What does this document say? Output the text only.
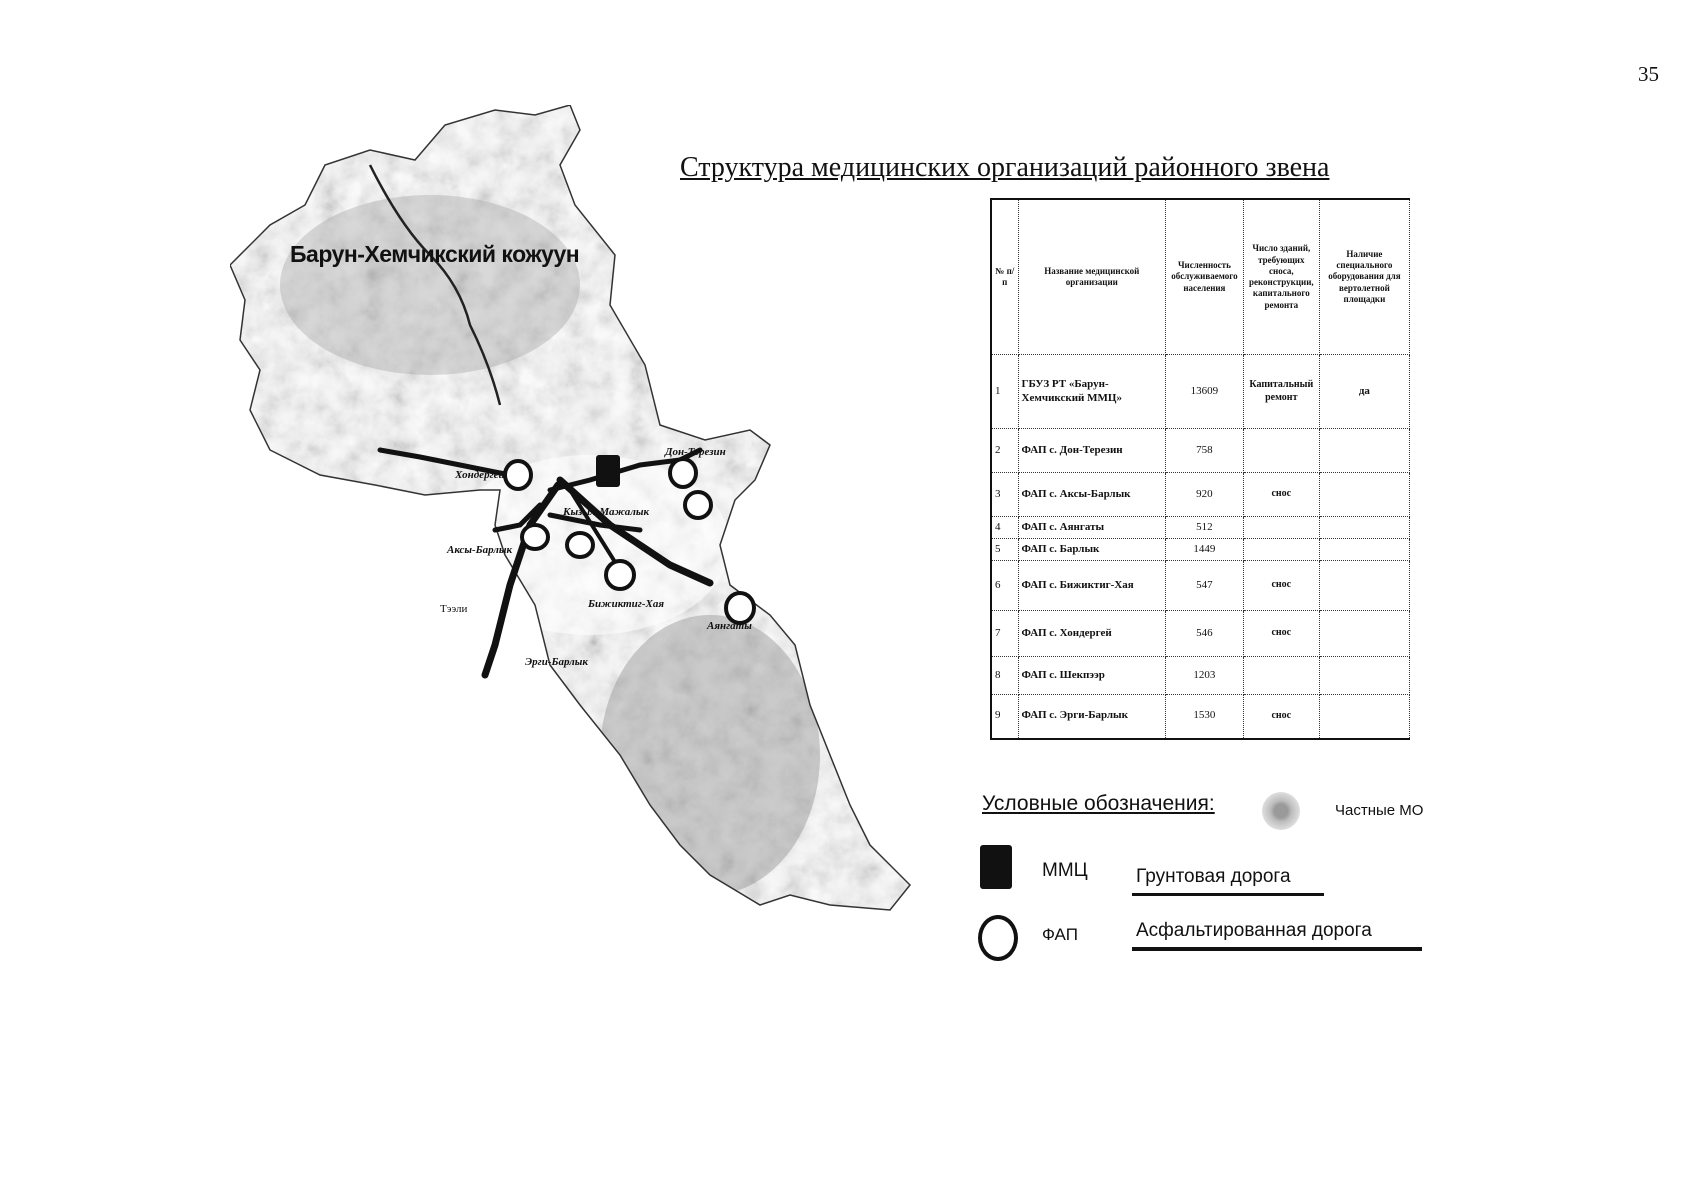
35
Барун-Хемчикский кожуун
Хондергей
Дон-Терезин
Кызыл-Мажалык
Аксы-Барлык
Бижиктиг-Хая
Аянгаты
Эрги-Барлык
Тээли
Структура медицинских организаций районного звена
№ п/п	Название медицинской организации	Численность обслуживаемого населения	Число зданий, требующих сноса, реконструкции, капитального ремонта	Наличие специального оборудования для вертолетной площадки
1	ГБУЗ РТ «Барун-Хемчикский ММЦ»	13609	Капитальный ремонт	да
2	ФАП с. Дон-Терезин	758		
3	ФАП с. Аксы-Барлык	920	снос	
4	ФАП с. Аянгаты	512		
5	ФАП с. Барлык	1449		
6	ФАП с. Бижиктиг-Хая	547	снос	
7	ФАП с. Хондергей	546	снос	
8	ФАП с. Шекпээр	1203		
9	ФАП с. Эрги-Барлык	1530	снос	
Условные обозначения:	Частные МО
ММЦ
ФАП
Грунтовая дорога
Асфальтированная дорога
